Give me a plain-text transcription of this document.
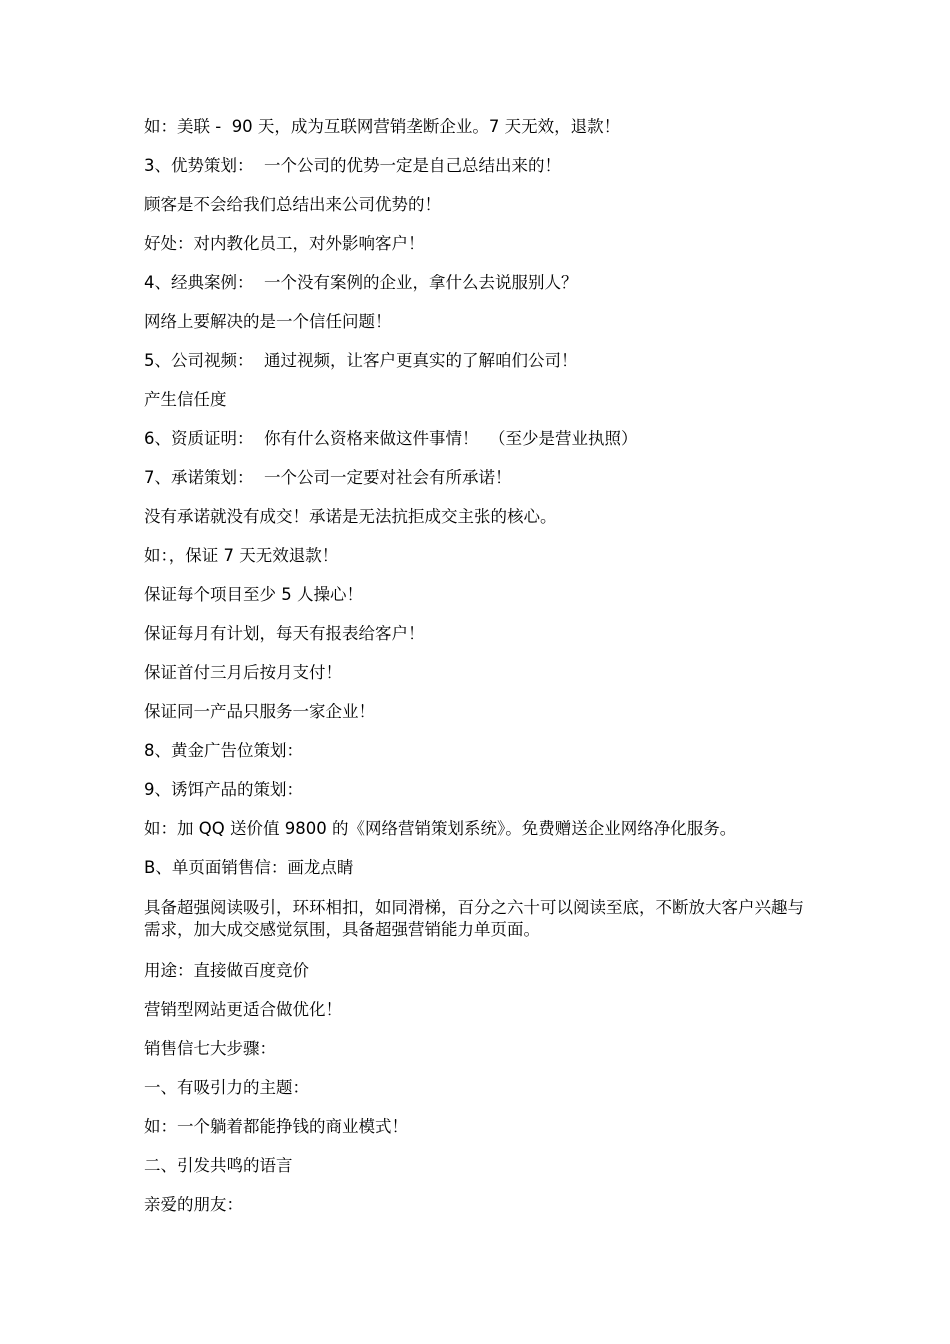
如：美联 -  90 天，成为互联网营销垄断企业。7 天无效，退款！

3、优势策划：  一个公司的优势一定是自己总结出来的！

顾客是不会给我们总结出来公司优势的！

好处：对内教化员工，对外影响客户！

4、经典案例：  一个没有案例的企业，拿什么去说服别人？

网络上要解决的是一个信任问题！

5、公司视频：  通过视频，让客户更真实的了解咱们公司！

产生信任度

6、资质证明：  你有什么资格来做这件事情！  （至少是营业执照）

7、承诺策划：  一个公司一定要对社会有所承诺！

没有承诺就没有成交！承诺是无法抗拒成交主张的核心。

如：，保证 7 天无效退款！

保证每个项目至少 5 人操心！

保证每月有计划，每天有报表给客户！

保证首付三月后按月支付！

保证同一产品只服务一家企业！

8、黄金广告位策划：

9、诱饵产品的策划：

如：加 QQ 送价值 9800 的《网络营销策划系统》。免费赠送企业网络净化服务。

B、单页面销售信：画龙点睛

具备超强阅读吸引，环环相扣，如同滑梯，百分之六十可以阅读至底，不断放大客户兴趣与需求，加大成交感觉氛围，具备超强营销能力单页面。

用途：直接做百度竞价

营销型网站更适合做优化！

销售信七大步骤：

一、有吸引力的主题：

如：一个躺着都能挣钱的商业模式！

二、引发共鸣的语言

亲爱的朋友：
